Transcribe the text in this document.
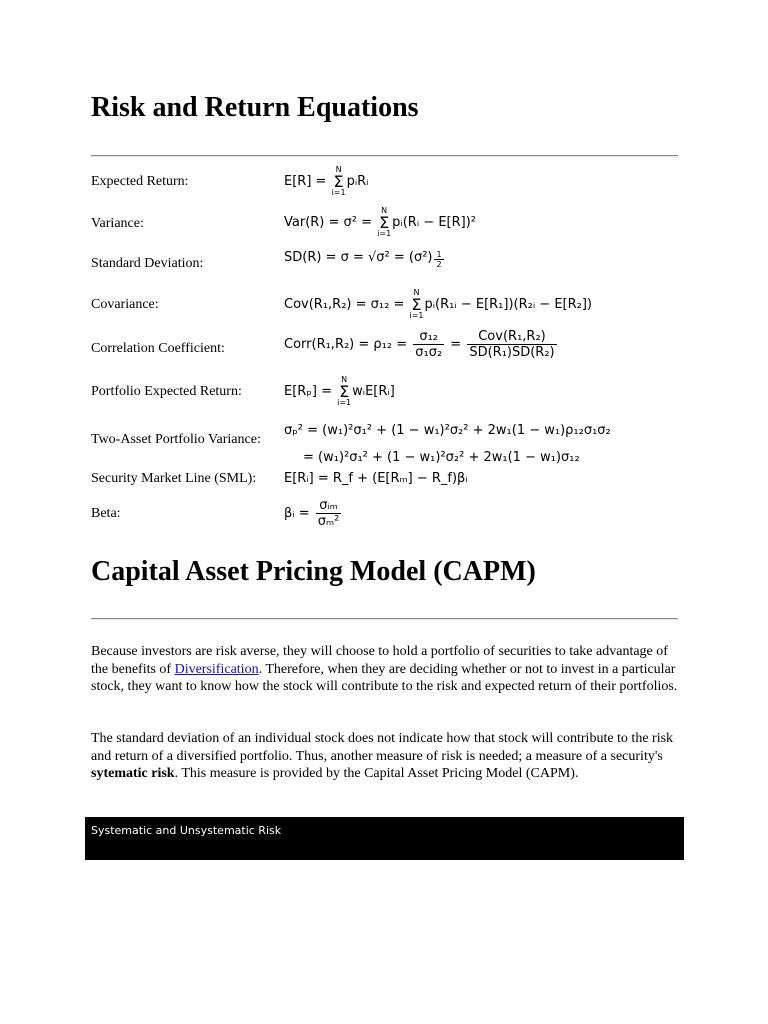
Risk and Return Equations
Expected Return:	E[R] =
N
Σ
i=1
pᵢRᵢ
Variance:	Var(R) = σ² =
N
Σ
i=1
pᵢ(Rᵢ − E[R])²
Standard Deviation:	$SD(R) = \sigma = √\sigma^2 = (\sigma^2) \frac{1}{2}$
Covariance:	Cov(R₁,R₂) = σ₁₂ =
N
Σ
i=1
pᵢ(R₁ᵢ − E[R₁])(R₂ᵢ − E[R₂])
Correlation Coefficient:	Corr(R₁,R₂) = $\rho_{12} = \frac{\text{σ₁₂}}{\text{σ₁σ₂}} = \frac{\text{Cov(R₁,R₂)}}{\text{SD(R₁)SD(R₂)}}$
Portfolio Expected Return:	E[Rₚ] =
N
Σ
i=1
wᵢE[Rᵢ]
Two-Asset Portfolio Variance:
σₚ² = (w₁)²σ₁² + (1 − w₁)²σ₂² + 2w₁(1 − w₁)ρ₁₂σ₁σ₂
= (w₁)²σ₁² + (1 − w₁)²σ₂² + 2w₁(1 − w₁)σ₁₂
Security Market Line (SML): E[Rᵢ] = R_f + (E[Rₘ] − R_f)βᵢ
Beta:	βᵢ = $\frac{\text{σᵢₘ}}{\text{σₘ²}}$
Capital Asset Pricing Model (CAPM)

Because investors are risk averse, they will choose to hold a portfolio of securities to take advantage of the benefits of Diversification. Therefore, when they are deciding whether or not to invest in a particular stock, they want to know how the stock will contribute to the risk and expected return of their portfolios.

The standard deviation of an individual stock does not indicate how that stock will contribute to the risk and return of a diversified portfolio. Thus, another measure of risk is needed; a measure of a security's sytematic risk. This measure is provided by the Capital Asset Pricing Model (CAPM).

Systematic and Unsystematic Risk
